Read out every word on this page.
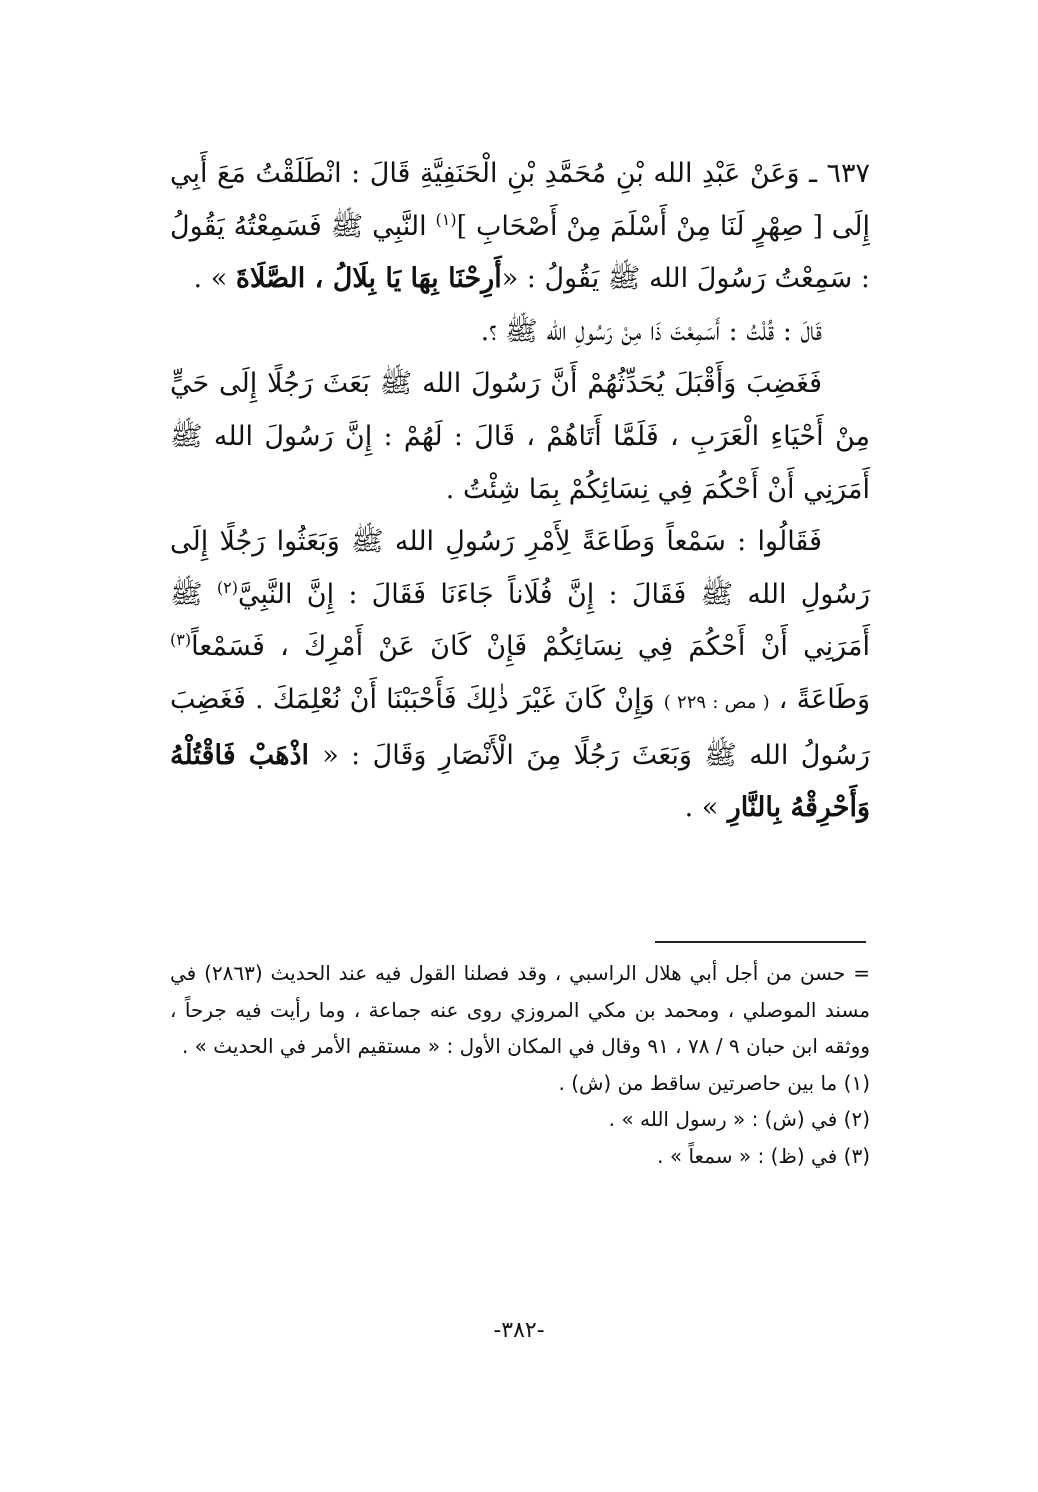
٦٣٧ ـ وَعَنْ عَبْدِ الله بْنِ مُحَمَّدِ بْنِ الْحَنَفِيَّةِ قَالَ : انْطَلَقْتُ مَعَ أَبِي إِلَى [ صِهْرٍ لَنَا مِنْ أَسْلَمَ مِنْ أَصْحَابِ ]$^{(١)}$ النَّبِي ﷺ فَسَمِعْتُهُ يَقُولُ : سَمِعْتُ رَسُولَ الله ﷺ يَقُولُ : «أَرِحْنَا بِهَا يَا بِلَالُ ، الصَّلَاةَ » .

قَالَ : قُلْتُ : أَسَمِعْتَ ذَا مِنْ رَسُولِ الله ﷺ ؟.

فَغَضِبَ وَأَقْبَلَ يُحَدِّثُهُمْ أَنَّ رَسُولَ الله ﷺ بَعَثَ رَجُلًا إِلَى حَيٍّ مِنْ أَحْيَاءِ الْعَرَبِ ، فَلَمَّا أَتَاهُمْ ، قَالَ : لَهُمْ : إِنَّ رَسُولَ الله ﷺ أَمَرَنِي أَنْ أَحْكُمَ فِي نِسَائِكُمْ بِمَا شِئْتُ .

فَقَالُوا : سَمْعاً وَطَاعَةً لِأَمْرِ رَسُولِ الله ﷺ وَبَعَثُوا رَجُلًا إِلَى رَسُولِ الله ﷺ فَقَالَ : إِنَّ فُلَاناً جَاءَنَا فَقَالَ : إِنَّ النَّبِيَّ$^{(٢)}$ ﷺ أَمَرَنِي أَنْ أَحْكُمَ فِي نِسَائِكُمْ فَإِنْ كَانَ عَنْ أَمْرِكَ ، فَسَمْعاً$^{(٣)}$ وَطَاعَةً ، ( مص : ٢٢٩ ) وَإِنْ كَانَ غَيْرَ ذٰلِكَ فَأَحْبَبْنَا أَنْ نُعْلِمَكَ . فَغَضِبَ رَسُولُ الله ﷺ وَبَعَثَ رَجُلًا مِنَ الْأَنْصَارِ وَقَالَ : « اذْهَبْ فَاقْتُلْهُ وَأَحْرِقْهُ بِالنَّارِ » .

= حسن من أجل أبي هلال الراسبي ، وقد فصلنا القول فيه عند الحديث (٢٨٦٣) في مسند الموصلي ، ومحمد بن مكي المروزي روى عنه جماعة ، وما رأيت فيه جرحاً ، ووثقه ابن حبان ٩ / ٧٨ ، ٩١ وقال في المكان الأول : « مستقيم الأمر في الحديث » .

(١) ما بين حاصرتين ساقط من (ش) .

(٢) في (ش) : « رسول الله » .

(٣) في (ظ) : « سمعاً » .

-٣٨٢-
